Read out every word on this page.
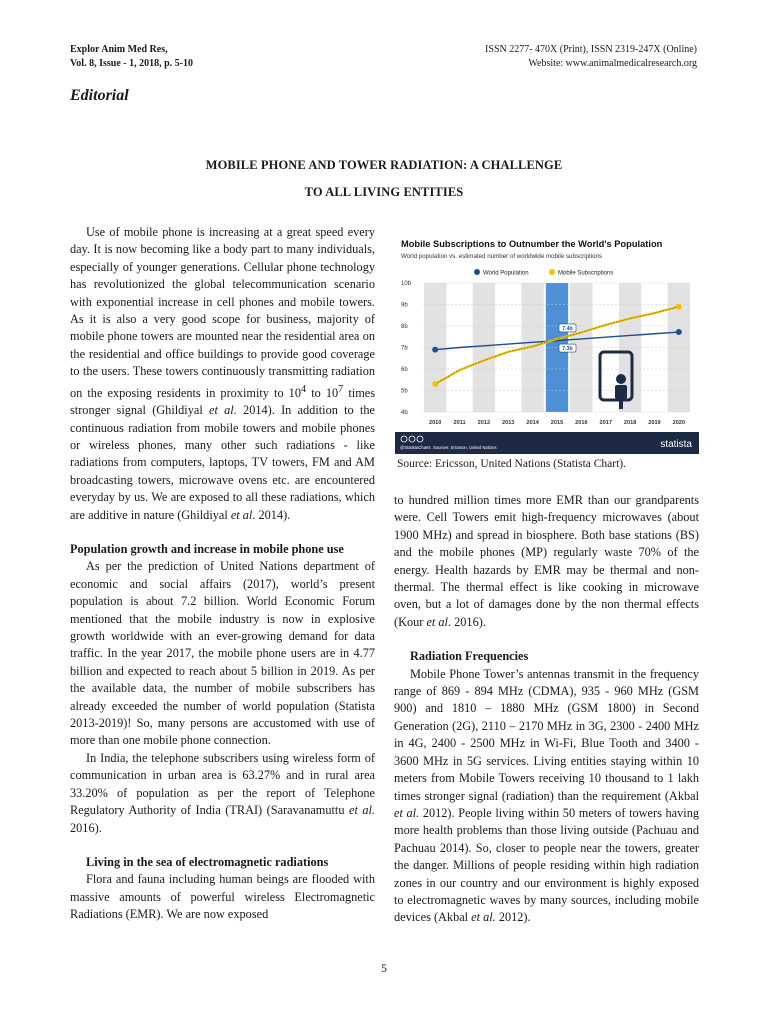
Explor Anim Med Res,
Vol. 8, Issue - 1, 2018, p. 5-10
ISSN 2277- 470X (Print), ISSN 2319-247X (Online)
Website: www.animalmedicalresearch.org
Editorial
MOBILE PHONE AND TOWER RADIATION: A CHALLENGE
TO ALL LIVING ENTITIES

Use of mobile phone is increasing at a great speed every day. It is now becoming like a body part to many individuals, especially of younger generations. Cellular phone technology has revolutionized the global telecommunication scenario with exponential increase in cell phones and mobile towers. As it is also a very good scope for business, majority of mobile phone towers are mounted near the residential area on the residential and office buildings to provide good coverage to the users. These towers continuously transmitting radiation on the exposing residents in proximity to $10^4$ to $10^7$ times stronger signal (Ghildiyal et al. 2014). In addition to the continuous radiation from mobile towers and mobile phones or wireless phones, many other such radiations - like radiations from computers, laptops, TV towers, FM and AM broadcasting towers, microwave ovens etc. are encountered everyday by us. We are exposed to all these radiations, which are additive in nature (Ghildiyal et al. 2014).

Population growth and increase in mobile phone use

As per the prediction of United Nations department of economic and social affairs (2017), world’s present population is about 7.2 billion. World Economic Forum mentioned that the mobile industry is now in explosive growth worldwide with an ever-growing demand for data traffic. In the year 2017, the mobile phone users are in 4.77 billion and expected to reach about 5 billion in 2019. As per the available data, the number of mobile subscribers has already exceeded the number of world population (Statista 2013-2019)! So, many persons are accustomed with use of more than one mobile phone connection.

In India, the telephone subscribers using wireless form of communication in urban area is 63.27% and in rural area 33.20% of population as per the report of Telephone Regulatory Authority of India (TRAI) (Saravanamuttu et al. 2016).

Living in the sea of electromagnetic radiations

Flora and fauna including human beings are flooded with massive amounts of powerful wireless Electromagnetic Radiations (EMR). We are now exposed

Mobile Subscriptions to Outnumber the World's Population
World population vs. estimated number of worldwide mobile subscriptions
World Population	Mobile Subscriptions
4b
5b
6b
7b
8b
9b
10b
2010 2011 2012 2013 2014 2015 2016 2017 2018 2019 2020
7.4b
7.3b
@StatistaCharts Sources: Ericsson, United Nations	statista
Source: Ericsson, United Nations (Statista Chart).

to hundred million times more EMR than our grandparents were. Cell Towers emit high-frequency microwaves (about 1900 MHz) and spread in biosphere. Both base stations (BS) and the mobile phones (MP) regularly waste 70% of the energy. Health hazards by EMR may be thermal and non-thermal. The thermal effect is like cooking in microwave oven, but a lot of damages done by the non thermal effects (Kour et al. 2016).

Radiation Frequencies

Mobile Phone Tower’s antennas transmit in the frequency range of 869 - 894 MHz (CDMA), 935 - 960 MHz (GSM 900) and 1810 – 1880 MHz (GSM 1800) in Second Generation (2G), 2110 – 2170 MHz in 3G, 2300 - 2400 MHz in 4G, 2400 - 2500 MHz in Wi-Fi, Blue Tooth and 3400 - 3600 MHz in 5G services. Living entities staying within 10 meters from Mobile Towers receiving 10 thousand to 1 lakh times stronger signal (radiation) than the requirement (Akbal et al. 2012). People living within 50 meters of towers having more health problems than those living outside (Pachuau and Pachuau 2014). So, closer to people near the towers, greater the danger. Millions of people residing within high radiation zones in our country and our environment is highly exposed to electromagnetic waves by many sources, including mobile devices (Akbal et al. 2012).

5
